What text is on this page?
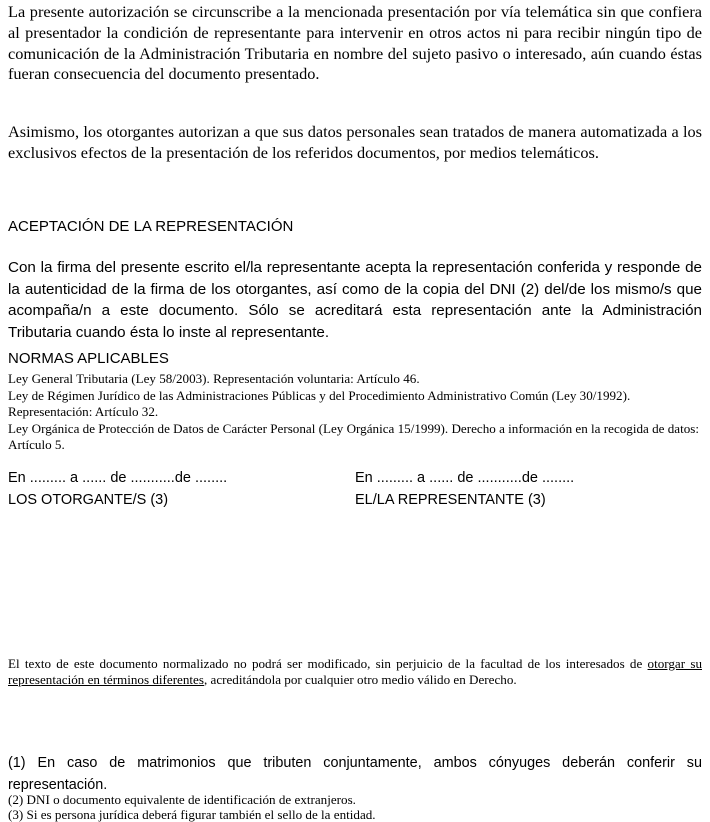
La presente autorización se circunscribe a la mencionada presentación por vía telemática sin que confiera al presentador la condición de representante para intervenir en otros actos ni para recibir ningún tipo de comunicación de la Administración Tributaria en nombre del sujeto pasivo o interesado, aún cuando éstas fueran consecuencia del documento presentado.
Asimismo, los otorgantes autorizan a que sus datos personales sean tratados de manera automatizada a los exclusivos efectos de la presentación de los referidos documentos, por medios telemáticos.
ACEPTACIÓN DE LA REPRESENTACIÓN
Con la firma del presente escrito el/la representante acepta la representación conferida y responde de la autenticidad de la firma de los otorgantes, así como de la copia del DNI (2) del/de los mismo/s que acompaña/n a este documento. Sólo se acreditará esta representación ante la Administración Tributaria cuando ésta lo inste al representante.
NORMAS APLICABLES
Ley General Tributaria (Ley 58/2003). Representación voluntaria: Artículo 46.
Ley de Régimen Jurídico de las Administraciones Públicas y del Procedimiento Administrativo Común (Ley 30/1992). Representación: Artículo 32.
Ley Orgánica de Protección de Datos de Carácter Personal (Ley Orgánica 15/1999). Derecho a información en la recogida de datos: Artículo 5.
En ......... a ...... de ...........de ........
LOS OTORGANTE/S (3)
En ......... a ...... de ...........de ........
EL/LA REPRESENTANTE (3)
El texto de este documento normalizado no podrá ser modificado, sin perjuicio de la facultad de los interesados de otorgar su representación en términos diferentes, acreditándola por cualquier otro medio válido en Derecho.
(1) En caso de matrimonios que tributen conjuntamente, ambos cónyuges deberán conferir su representación.
(2) DNI o documento equivalente de identificación de extranjeros.
(3) Si es persona jurídica deberá figurar también el sello de la entidad.
